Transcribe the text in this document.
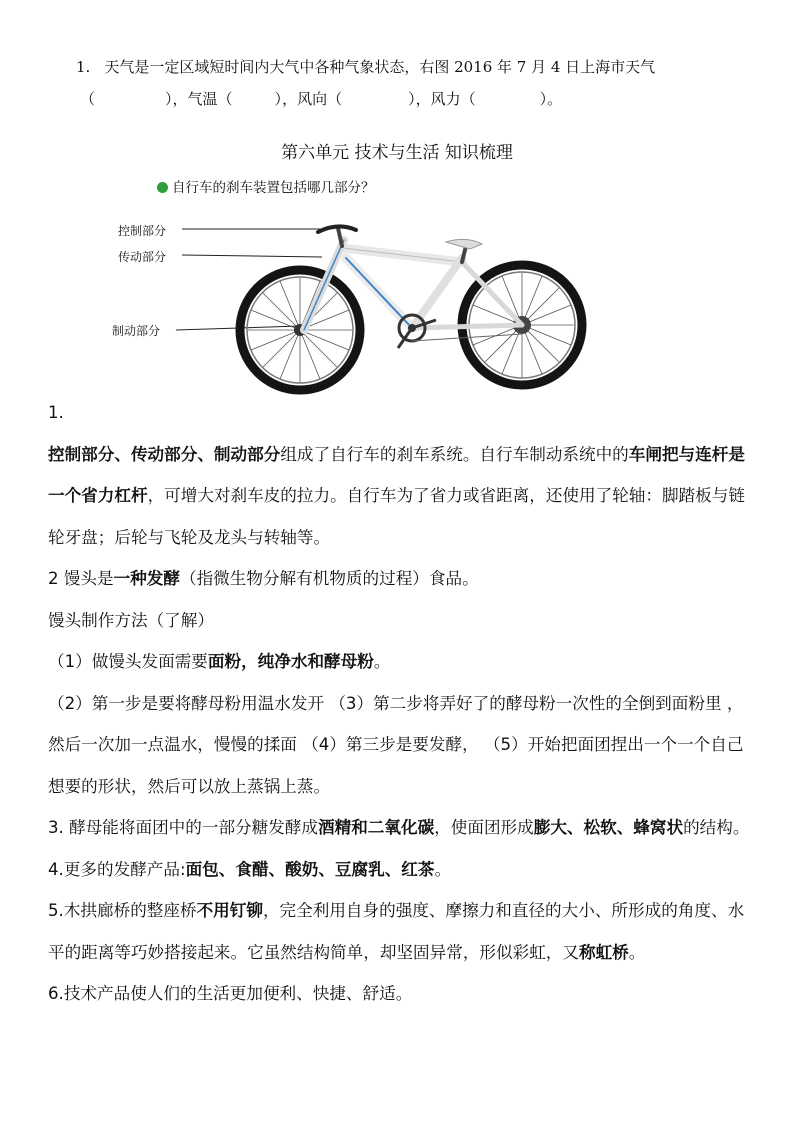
1. 天气是一定区域短时间内大气中各种气象状态，右图 2016 年 7 月 4 日上海市天气
（	），气温（	），风向（	），风力（	）。
第六单元 技术与生活 知识梳理
自行车的刹车装置包括哪几部分？
控制部分
传动部分
制动部分

1.

控制部分、传动部分、制动部分组成了自行车的刹车系统。自行车制动系统中的车闸把与连杆是一个省力杠杆，可增大对刹车皮的拉力。自行车为了省力或省距离，还使用了轮轴：脚踏板与链轮牙盘；后轮与飞轮及龙头与转轴等。

2 馒头是一种发酵（指微生物分解有机物质的过程）食品。

馒头制作方法（了解）

（1）做馒头发面需要面粉，纯净水和酵母粉。

（2）第一步是要将酵母粉用温水发开 （3）第二步将弄好了的酵母粉一次性的全倒到面粉里 ，然后一次加一点温水，慢慢的揉面 （4）第三步是要发酵， （5）开始把面团捏出一个一个自己想要的形状，然后可以放上蒸锅上蒸。

3. 酵母能将面团中的一部分糖发酵成酒精和二氧化碳，使面团形成膨大、松软、蜂窝状的结构。

4.更多的发酵产品:面包、食醋、酸奶、豆腐乳、红茶。

5.木拱廊桥的整座桥不用钉铆，完全利用自身的强度、摩擦力和直径的大小、所形成的角度、水平的距离等巧妙搭接起来。它虽然结构简单，却坚固异常，形似彩虹，又称虹桥。

6.技术产品使人们的生活更加便利、快捷、舒适。
